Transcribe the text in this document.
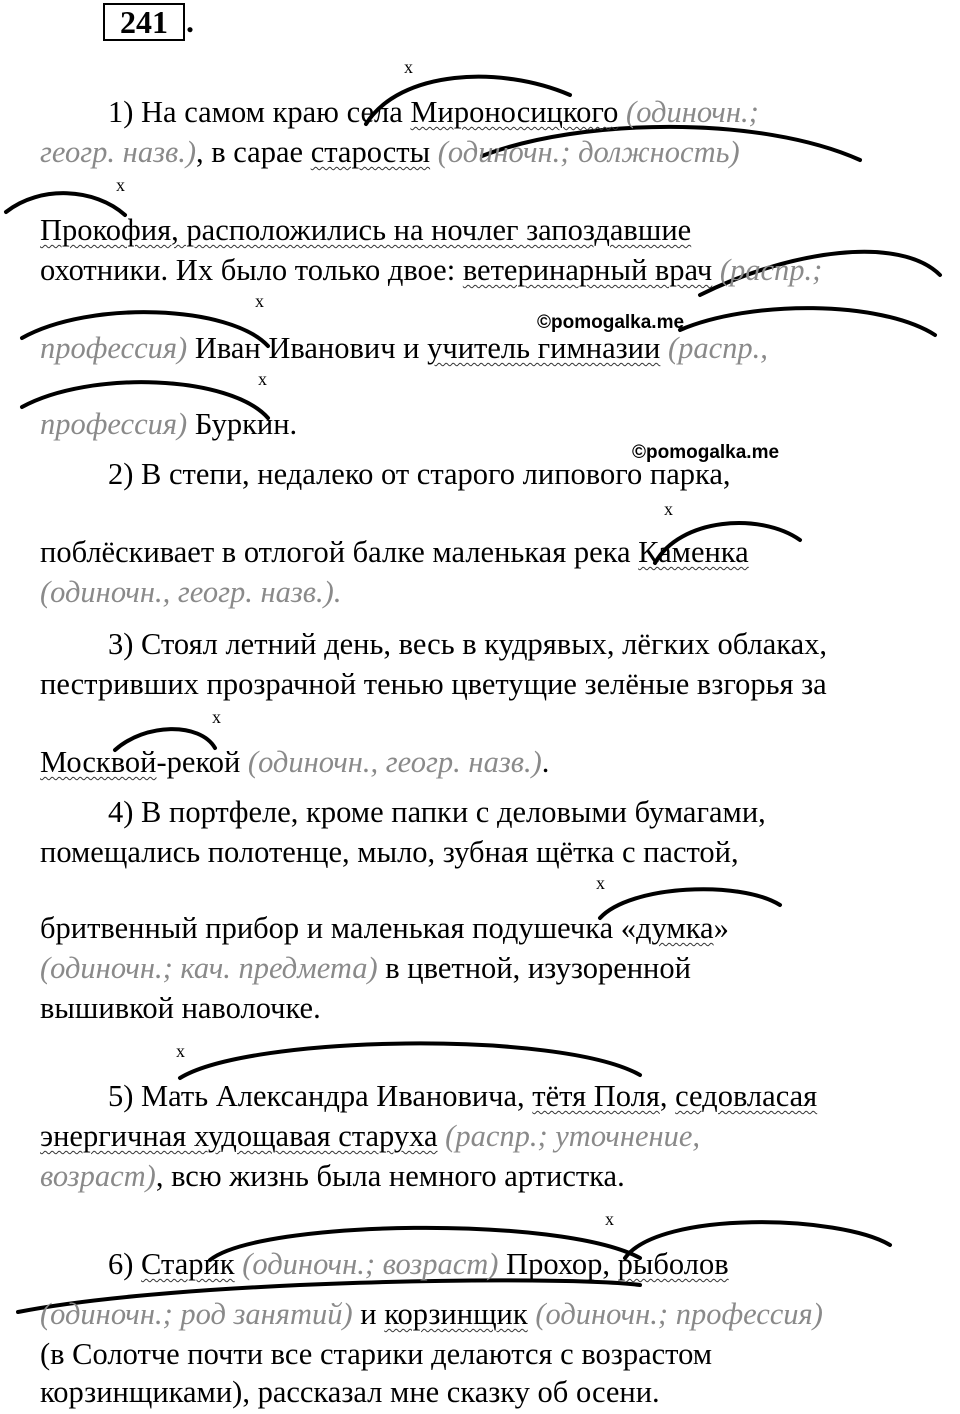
241 .
х
х
х
х
х
х
х
х
х
©pomogalka.me
©pomogalka.me
1) На самом краю села Мироносицкого (одиночн.;
геогр. назв.), в сарае старосты (одиночн.; должность)
Прокофия, расположились на ночлег запоздавшие
охотники. Их было только двое: ветеринарный врач (распр.;
профессия) Иван Иванович и учитель гимназии (распр.,
профессия) Буркин.
2) В степи, недалеко от старого липового парка,
поблёскивает в отлогой балке маленькая река Каменка
(одиночн., геогр. назв.).
3) Стоял летний день, весь в кудрявых, лёгких облаках,
пестривших прозрачной тенью цветущие зелёные взгорья за
Москвой-рекой (одиночн., геогр. назв.).
4) В портфеле, кроме папки с деловыми бумагами,
помещались полотенце, мыло, зубная щётка с пастой,
бритвенный прибор и маленькая подушечка «думка»
(одиночн.; кач. предмета) в цветной, изузоренной
вышивкой наволочке.
5) Мать Александра Ивановича, тётя Поля, седовласая
энергичная худощавая старуха (распр.; уточнение,
возраст), всю жизнь была немного артистка.
6) Старик (одиночн.; возраст) Прохор, рыболов
(одиночн.; род занятий) и корзинщик (одиночн.; профессия)
(в Солотче почти все старики делаются с возрастом
корзинщиками), рассказал мне сказку об осени.
